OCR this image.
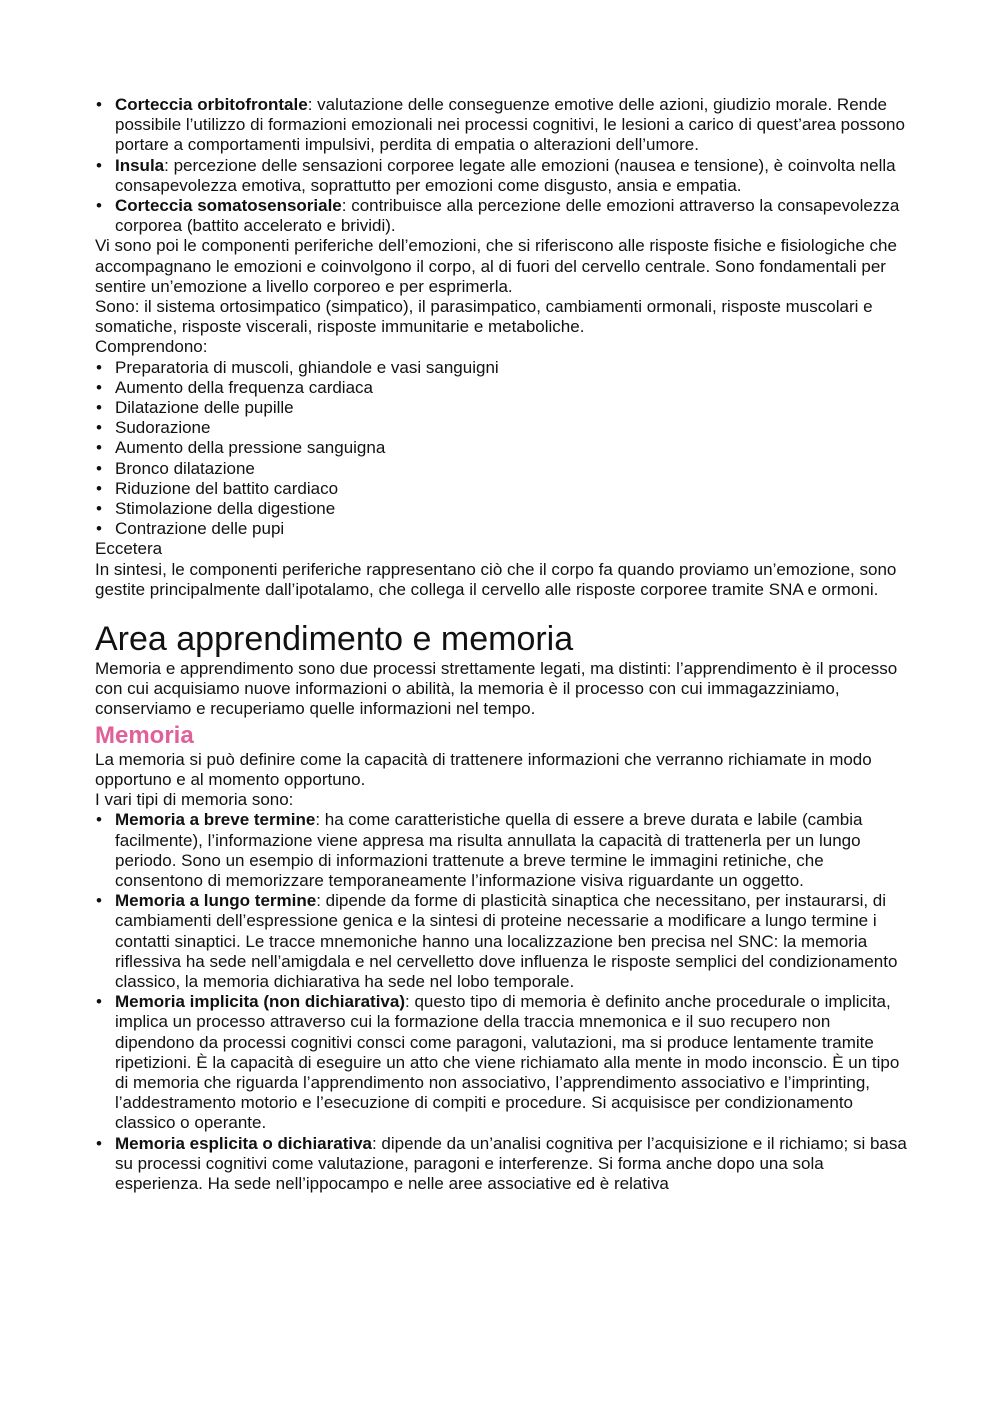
• Corteccia orbitofrontale: valutazione delle conseguenze emotive delle azioni, giudizio morale. Rende possibile l’utilizzo di formazioni emozionali nei processi cognitivi, le lesioni a carico di quest’area possono portare a comportamenti impulsivi, perdita di empatia o alterazioni dell’umore.
• Insula: percezione delle sensazioni corporee legate alle emozioni (nausea e tensione), è coinvolta nella consapevolezza emotiva, soprattutto per emozioni come disgusto, ansia e empatia.
• Corteccia somatosensoriale: contribuisce alla percezione delle emozioni attraverso la consapevolezza corporea (battito accelerato e brividi).

Vi sono poi le componenti periferiche dell’emozioni, che si riferiscono alle risposte fisiche e fisiologiche che accompagnano le emozioni e coinvolgono il corpo, al di fuori del cervello centrale. Sono fondamentali per sentire un’emozione a livello corporeo e per esprimerla.

Sono: il sistema ortosimpatico (simpatico), il parasimpatico, cambiamenti ormonali, risposte muscolari e somatiche, risposte viscerali, risposte immunitarie e metaboliche.

Comprendono:

• Preparatoria di muscoli, ghiandole e vasi sanguigni
• Aumento della frequenza cardiaca
• Dilatazione delle pupille
• Sudorazione
• Aumento della pressione sanguigna
• Bronco dilatazione
• Riduzione del battito cardiaco
• Stimolazione della digestione
• Contrazione delle pupi

Eccetera

In sintesi, le componenti periferiche rappresentano ciò che il corpo fa quando proviamo un’emozione, sono gestite principalmente dall’ipotalamo, che collega il cervello alle risposte corporee tramite SNA e ormoni.

Area apprendimento e memoria

Memoria e apprendimento sono due processi strettamente legati, ma distinti: l’apprendimento è il processo con cui acquisiamo nuove informazioni o abilità, la memoria è il processo con cui immagazziniamo, conserviamo e recuperiamo quelle informazioni nel tempo.

Memoria

La memoria si può definire come la capacità di trattenere informazioni che verranno richiamate in modo opportuno e al momento opportuno.

I vari tipi di memoria sono:

• Memoria a breve termine: ha come caratteristiche quella di essere a breve durata e labile (cambia facilmente), l’informazione viene appresa ma risulta annullata la capacità di trattenerla per un lungo periodo. Sono un esempio di informazioni trattenute a breve termine le immagini retiniche, che consentono di memorizzare temporaneamente l’informazione visiva riguardante un oggetto.
• Memoria a lungo termine: dipende da forme di plasticità sinaptica che necessitano, per instaurarsi, di cambiamenti dell’espressione genica e la sintesi di proteine necessarie a modificare a lungo termine i contatti sinaptici. Le tracce mnemoniche hanno una localizzazione ben precisa nel SNC: la memoria riflessiva ha sede nell’amigdala e nel cervelletto dove influenza le risposte semplici del condizionamento classico, la memoria dichiarativa ha sede nel lobo temporale.
• Memoria implicita (non dichiarativa): questo tipo di memoria è definito anche procedurale o implicita, implica un processo attraverso cui la formazione della traccia mnemonica e il suo recupero non dipendono da processi cognitivi consci come paragoni, valutazioni, ma si produce lentamente tramite ripetizioni. È la capacità di eseguire un atto che viene richiamato alla mente in modo inconscio. È un tipo di memoria che riguarda l’apprendimento non associativo, l’apprendimento associativo e l’imprinting, l’addestramento motorio e l’esecuzione di compiti e procedure. Si acquisisce per condizionamento classico o operante.
• Memoria esplicita o dichiarativa: dipende da un’analisi cognitiva per l’acquisizione e il richiamo; si basa su processi cognitivi come valutazione, paragoni e interferenze. Si forma anche dopo una sola esperienza. Ha sede nell’ippocampo e nelle aree associative ed è relativa
